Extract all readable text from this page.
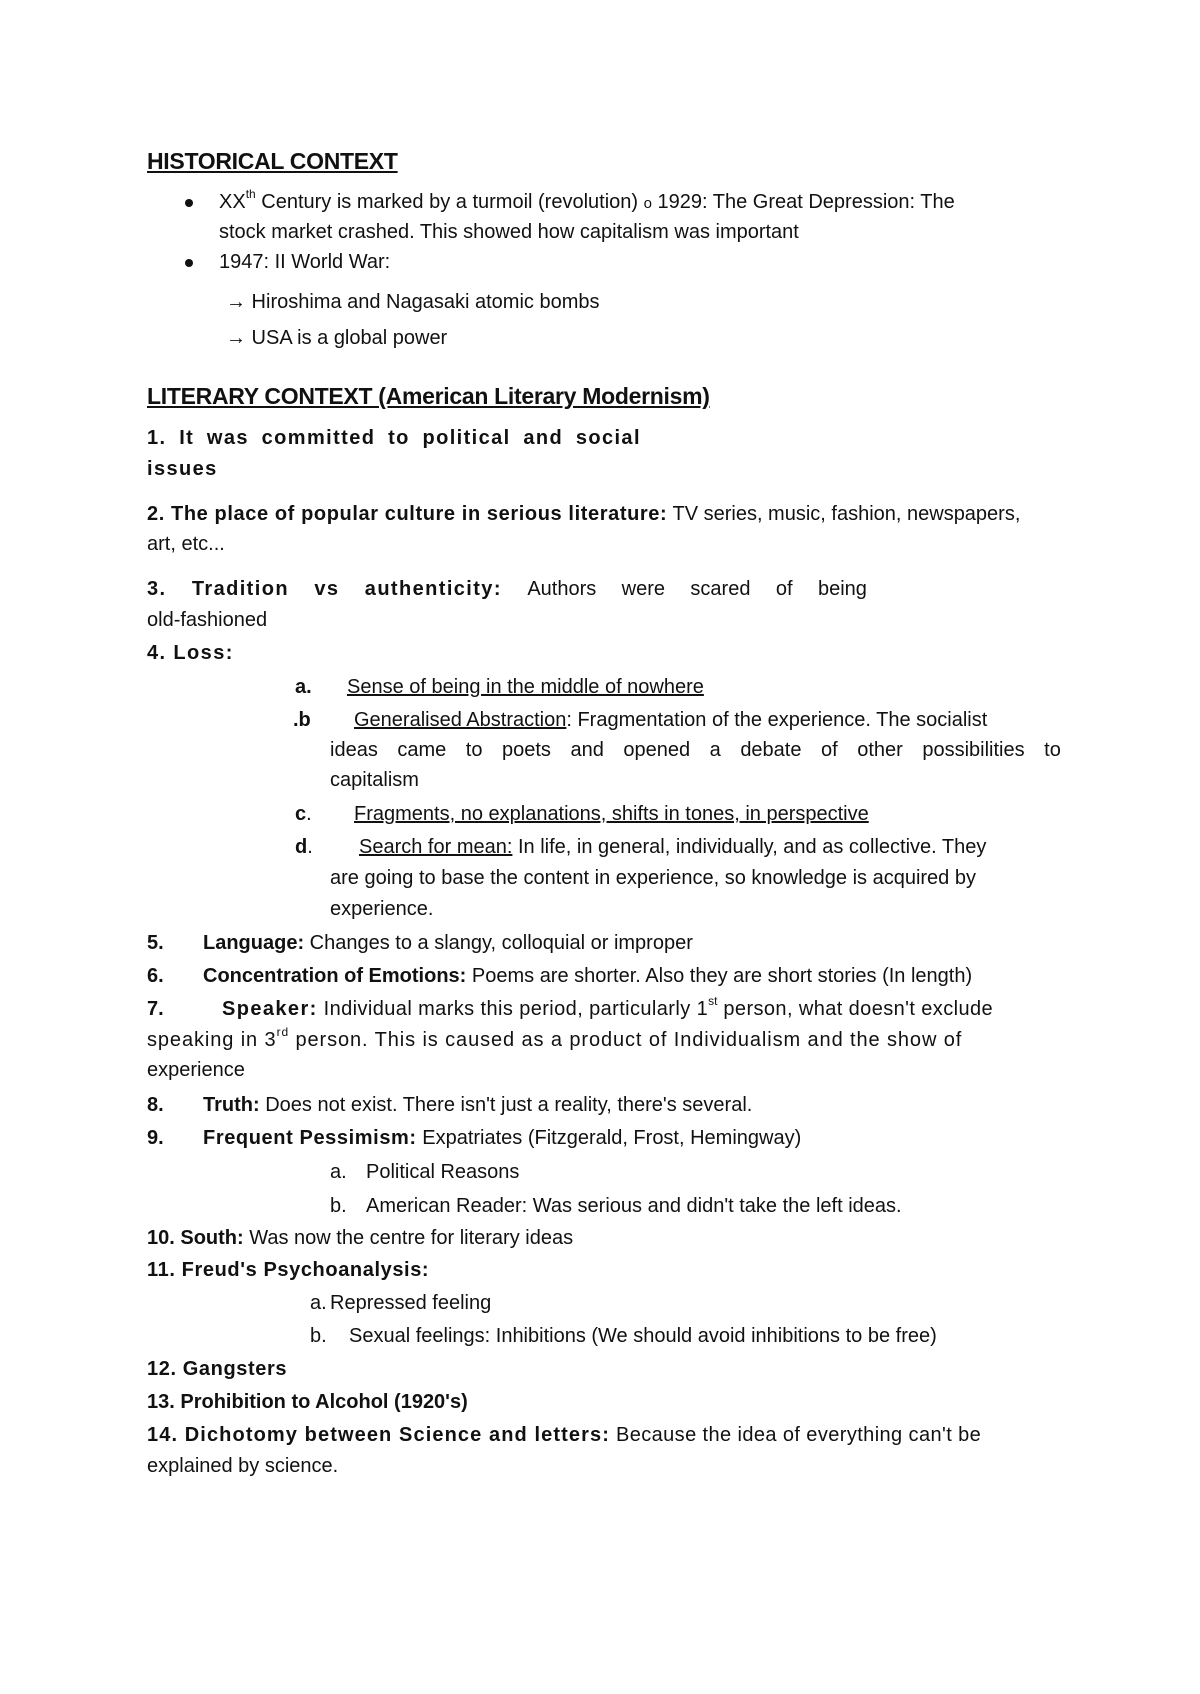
HISTORICAL CONTEXT
XXth Century is marked by a turmoil (revolution) o 1929: The Great Depression: The
stock market crashed. This showed how capitalism was important
1947: II World War:
→ Hiroshima and Nagasaki atomic bombs
→ USA is a global power
LITERARY CONTEXT (American Literary Modernism)
1. It was committed to political and social
issues
2. The place of popular culture in serious literature: TV series, music, fashion, newspapers,
art, etc...
3. Tradition vs authenticity: Authors were scared of being
old-fashioned
4. Loss:
a. Sense of being in the middle of nowhere
.b Generalised Abstraction: Fragmentation of the experience. The socialist
ideas came to poets and opened a debate of other possibilities to
capitalism
c. Fragments, no explanations, shifts in tones, in perspective
d. Search for mean: In life, in general, individually, and as collective. They
are going to base the content in experience, so knowledge is acquired by
experience.
5. Language: Changes to a slangy, colloquial or improper
6. Concentration of Emotions: Poems are shorter. Also they are short stories (In length)
7.	Speaker: Individual marks this period, particularly 1st person, what doesn't exclude
speaking in 3rd person. This is caused as a product of Individualism and the show of
experience
8. Truth: Does not exist. There isn't just a reality, there's several.
9. Frequent Pessimism: Expatriates (Fitzgerald, Frost, Hemingway)
a. Political Reasons
b. American Reader: Was serious and didn't take the left ideas.
10. South: Was now the centre for literary ideas
11. Freud's Psychoanalysis:
a. Repressed feeling
b. Sexual feelings: Inhibitions (We should avoid inhibitions to be free)
12. Gangsters
13. Prohibition to Alcohol (1920's)
14. Dichotomy between Science and letters: Because the idea of everything can't be
explained by science.
